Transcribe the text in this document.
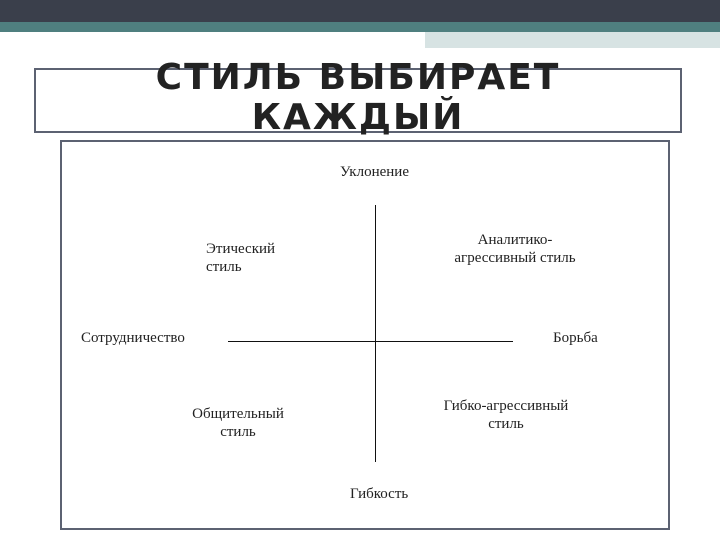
СТИЛЬ ВЫБИРАЕТ
КАЖДЫЙ
Уклонение
Гибкость
Сотрудничество	Борьба
Этический
стиль
Аналитико-
агрессивный стиль
Общительный
стиль
Гибко-агрессивный
стиль
